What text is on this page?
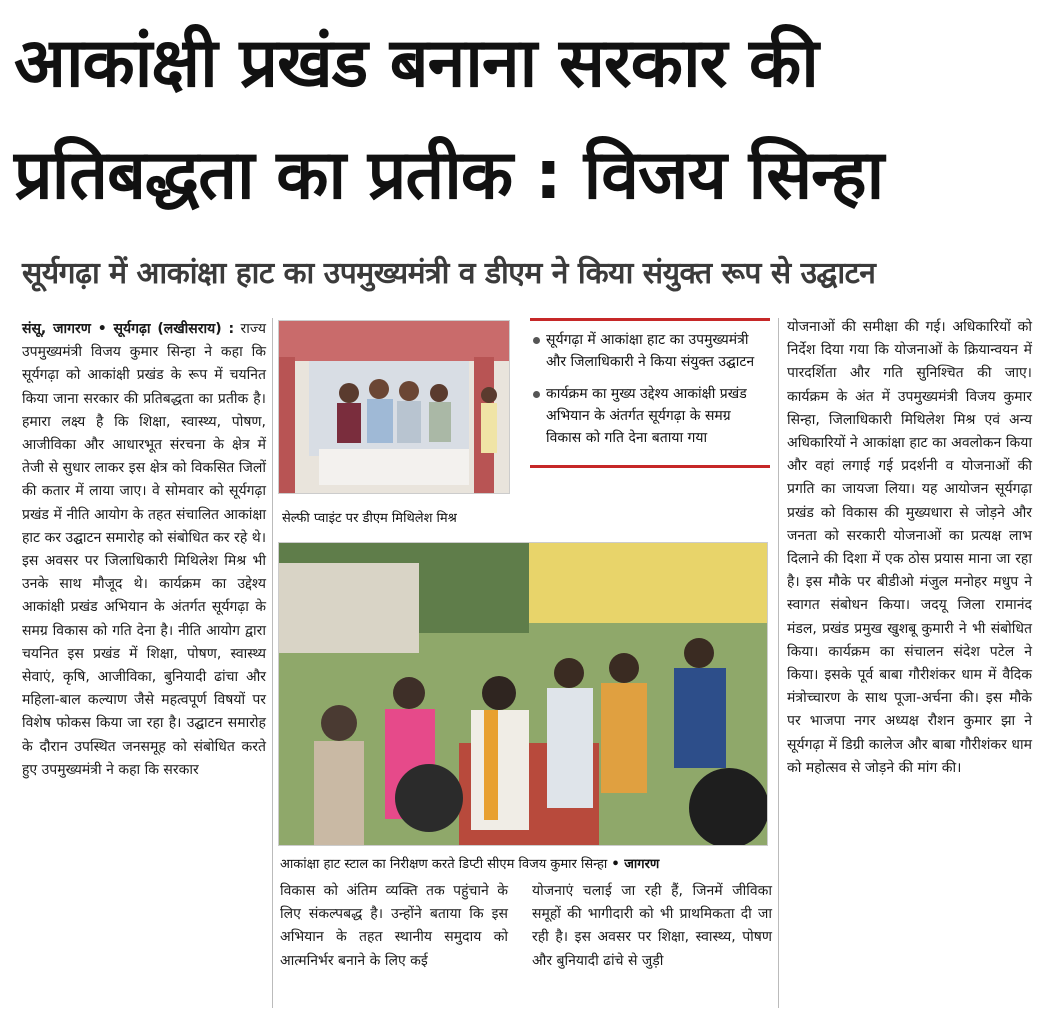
आकांक्षी प्रखंड बनाना सरकार की
प्रतिबद्धता का प्रतीक : विजय सिन्हा
सूर्यगढ़ा में आकांक्षा हाट का उपमुख्यमंत्री व डीएम ने किया संयुक्त रूप से उद्घाटन

संसू, जागरण • सूर्यगढ़ा (लखीसराय) : राज्य उपमुख्यमंत्री विजय कुमार सिन्हा ने कहा कि सूर्यगढ़ा को आकांक्षी प्रखंड के रूप में चयनित किया जाना सरकार की प्रतिबद्धता का प्रतीक है। हमारा लक्ष्य है कि शिक्षा, स्वास्थ्य, पोषण, आजीविका और आधारभूत संरचना के क्षेत्र में तेजी से सुधार लाकर इस क्षेत्र को विकसित जिलों की कतार में लाया जाए। वे सोमवार को सूर्यगढ़ा प्रखंड में नीति आयोग के तहत संचालित आकांक्षा हाट कर उद्घाटन समारोह को संबोधित कर रहे थे। इस अवसर पर जिलाधिकारी मिथिलेश मिश्र भी उनके साथ मौजूद थे। कार्यक्रम का उद्देश्य आकांक्षी प्रखंड अभियान के अंतर्गत सूर्यगढ़ा के समग्र विकास को गति देना है। नीति आयोग द्वारा चयनित इस प्रखंड में शिक्षा, पोषण, स्वास्थ्य सेवाएं, कृषि, आजीविका, बुनियादी ढांचा और महिला-बाल कल्याण जैसे महत्वपूर्ण विषयों पर विशेष फोकस किया जा रहा है। उद्घाटन समारोह के दौरान उपस्थित जनसमूह को संबोधित करते हुए उपमुख्यमंत्री ने कहा कि सरकार

सेल्फी प्वाइंट पर डीएम मिथिलेश मिश्र
सूर्यगढ़ा में आकांक्षा हाट का उपमुख्यमंत्री और जिलाधिकारी ने किया संयुक्त उद्घाटन
कार्यक्रम का मुख्य उद्देश्य आकांक्षी प्रखंड अभियान के अंतर्गत सूर्यगढ़ा के समग्र विकास को गति देना बताया गया
आकांक्षा हाट स्टाल का निरीक्षण करते डिप्टी सीएम विजय कुमार सिन्हा • जागरण

विकास को अंतिम व्यक्ति तक पहुंचाने के लिए संकल्पबद्ध है। उन्होंने बताया कि इस अभियान के तहत स्थानीय समुदाय को आत्मनिर्भर बनाने के लिए कई

योजनाएं चलाई जा रही हैं, जिनमें जीविका समूहों की भागीदारी को भी प्राथमिकता दी जा रही है। इस अवसर पर शिक्षा, स्वास्थ्य, पोषण और बुनियादी ढांचे से जुड़ी

योजनाओं की समीक्षा की गई। अधिकारियों को निर्देश दिया गया कि योजनाओं के क्रियान्वयन में पारदर्शिता और गति सुनिश्चित की जाए। कार्यक्रम के अंत में उपमुख्यमंत्री विजय कुमार सिन्हा, जिलाधिकारी मिथिलेश मिश्र एवं अन्य अधिकारियों ने आकांक्षा हाट का अवलोकन किया और वहां लगाई गई प्रदर्शनी व योजनाओं की प्रगति का जायजा लिया। यह आयोजन सूर्यगढ़ा प्रखंड को विकास की मुख्यधारा से जोड़ने और जनता को सरकारी योजनाओं का प्रत्यक्ष लाभ दिलाने की दिशा में एक ठोस प्रयास माना जा रहा है। इस मौके पर बीडीओ मंजुल मनोहर मधुप ने स्वागत संबोधन किया। जदयू जिला रामानंद मंडल, प्रखंड प्रमुख खुशबू कुमारी ने भी संबोधित किया। कार्यक्रम का संचालन संदेश पटेल ने किया। इसके पूर्व बाबा गौरीशंकर धाम में वैदिक मंत्रोच्चारण के साथ पूजा-अर्चना की। इस मौके पर भाजपा नगर अध्यक्ष रौशन कुमार झा ने सूर्यगढ़ा में डिग्री कालेज और बाबा गौरीशंकर धाम को महोत्सव से जोड़ने की मांग की।
